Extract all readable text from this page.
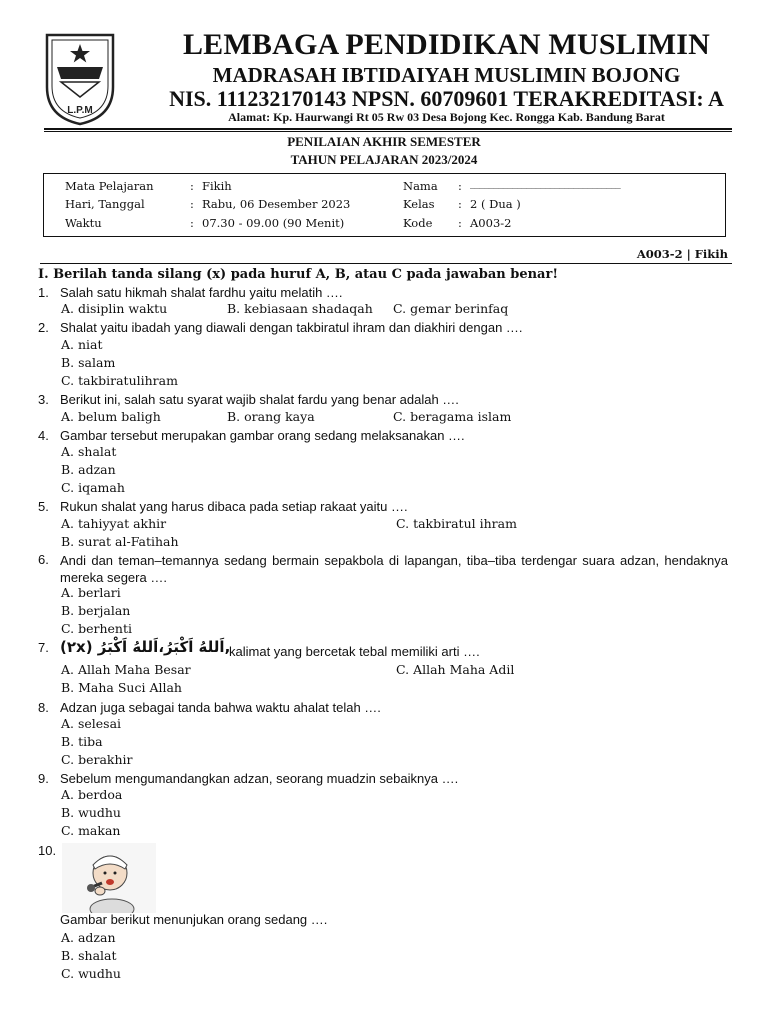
L.P.M
LEMBAGA PENDIDIKAN MUSLIMIN
MADRASAH IBTIDAIYAH MUSLIMIN BOJONG
NIS. 111232170143 NPSN. 60709601 TERAKREDITASI: A
Alamat: Kp. Haurwangi Rt 05 Rw 03 Desa Bojong Kec. Rongga Kab. Bandung Barat
PENILAIAN AKHIR SEMESTER
TAHUN PELAJARAN 2023/2024
Mata Pelajaran	: Fikih
Hari, Tanggal	: Rabu, 06 Desember 2023
Waktu	: 07.30 - 09.00 (90 Menit)
Nama : ________________________________
Kelas : 2 ( Dua )
Kode : A003-2
A003-2 | Fikih
I. Berilah tanda silang (x) pada huruf A, B, atau C pada jawaban benar!
1. Salah satu hikmah shalat fardhu yaitu melatih ….
A. disiplin waktu	B. kebiasaan shadaqah C. gemar berinfaq
2. Shalat yaitu ibadah yang diawali dengan takbiratul ihram dan diakhiri dengan ….
A. niat
B. salam
C. takbiratulihram
3. Berikut ini, salah satu syarat wajib shalat fardu yang benar adalah ….
A. belum baligh	B. orang kaya	C. beragama islam
4. Gambar tersebut merupakan gambar orang sedang melaksanakan ….
A. shalat
B. adzan
C. iqamah
5. Rukun shalat yang harus dibaca pada setiap rakaat yaitu ….
A. tahiyyat akhir	C. takbiratul ihram
B. surat al-Fatihah
6. Andi dan teman–temannya sedang bermain sepakbola di lapangan, tiba–tiba terdengar suara adzan, hendaknya mereka segera ….
A. berlari
B. berjalan
C. berhenti
7. (٢x) اَللهُ اَكْبَرُ،اَللهُ اَكْبَرُ,
kalimat yang bercetak tebal memiliki arti ….
A. Allah Maha Besar	C. Allah Maha Adil
B. Maha Suci Allah
8. Adzan juga sebagai tanda bahwa waktu ahalat telah ….
A. selesai
B. tiba
C. berakhir
9. Sebelum mengumandangkan adzan, seorang muadzin sebaiknya ….
A. berdoa
B. wudhu
C. makan
10.
Gambar berikut menunjukan orang sedang ….
A. adzan
B. shalat
C. wudhu
